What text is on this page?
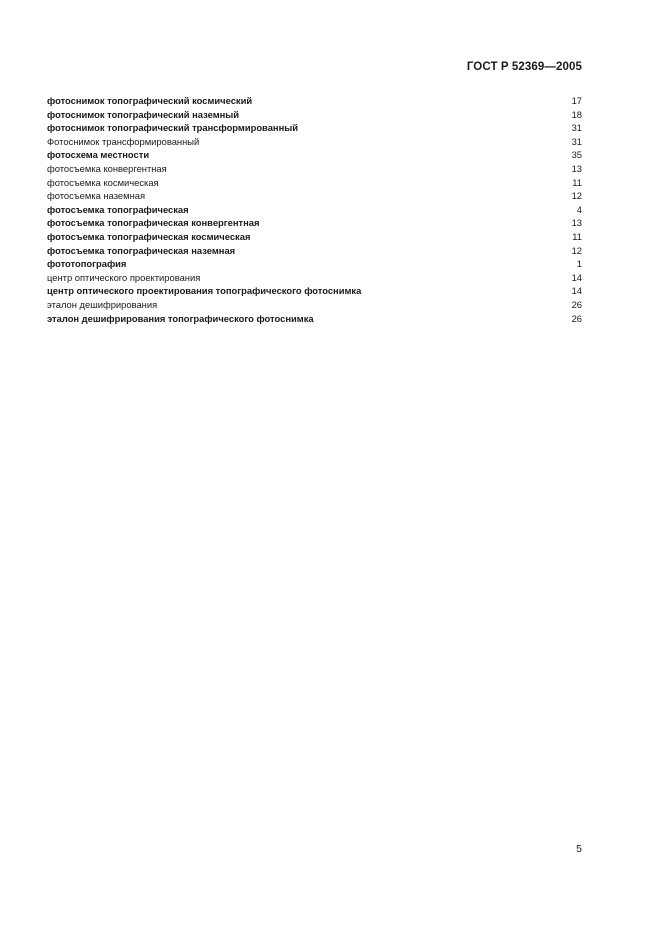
ГОСТ Р 52369—2005
фотоснимок топографический космический	17
фотоснимок топографический наземный	18
фотоснимок топографический трансформированный	31
Фотоснимок трансформированный	31
фотосхема местности	35
фотосъемка конвергентная	13
фотосъемка космическая	11
фотосъемка наземная	12
фотосъемка топографическая	4
фотосъемка топографическая конвергентная	13
фотосъемка топографическая космическая	11
фотосъемка топографическая наземная	12
фототопография	1
центр оптического проектирования	14
центр оптического проектирования топографического фотоснимка	14
эталон дешифрирования	26
эталон дешифрирования топографического фотоснимка	26
5
